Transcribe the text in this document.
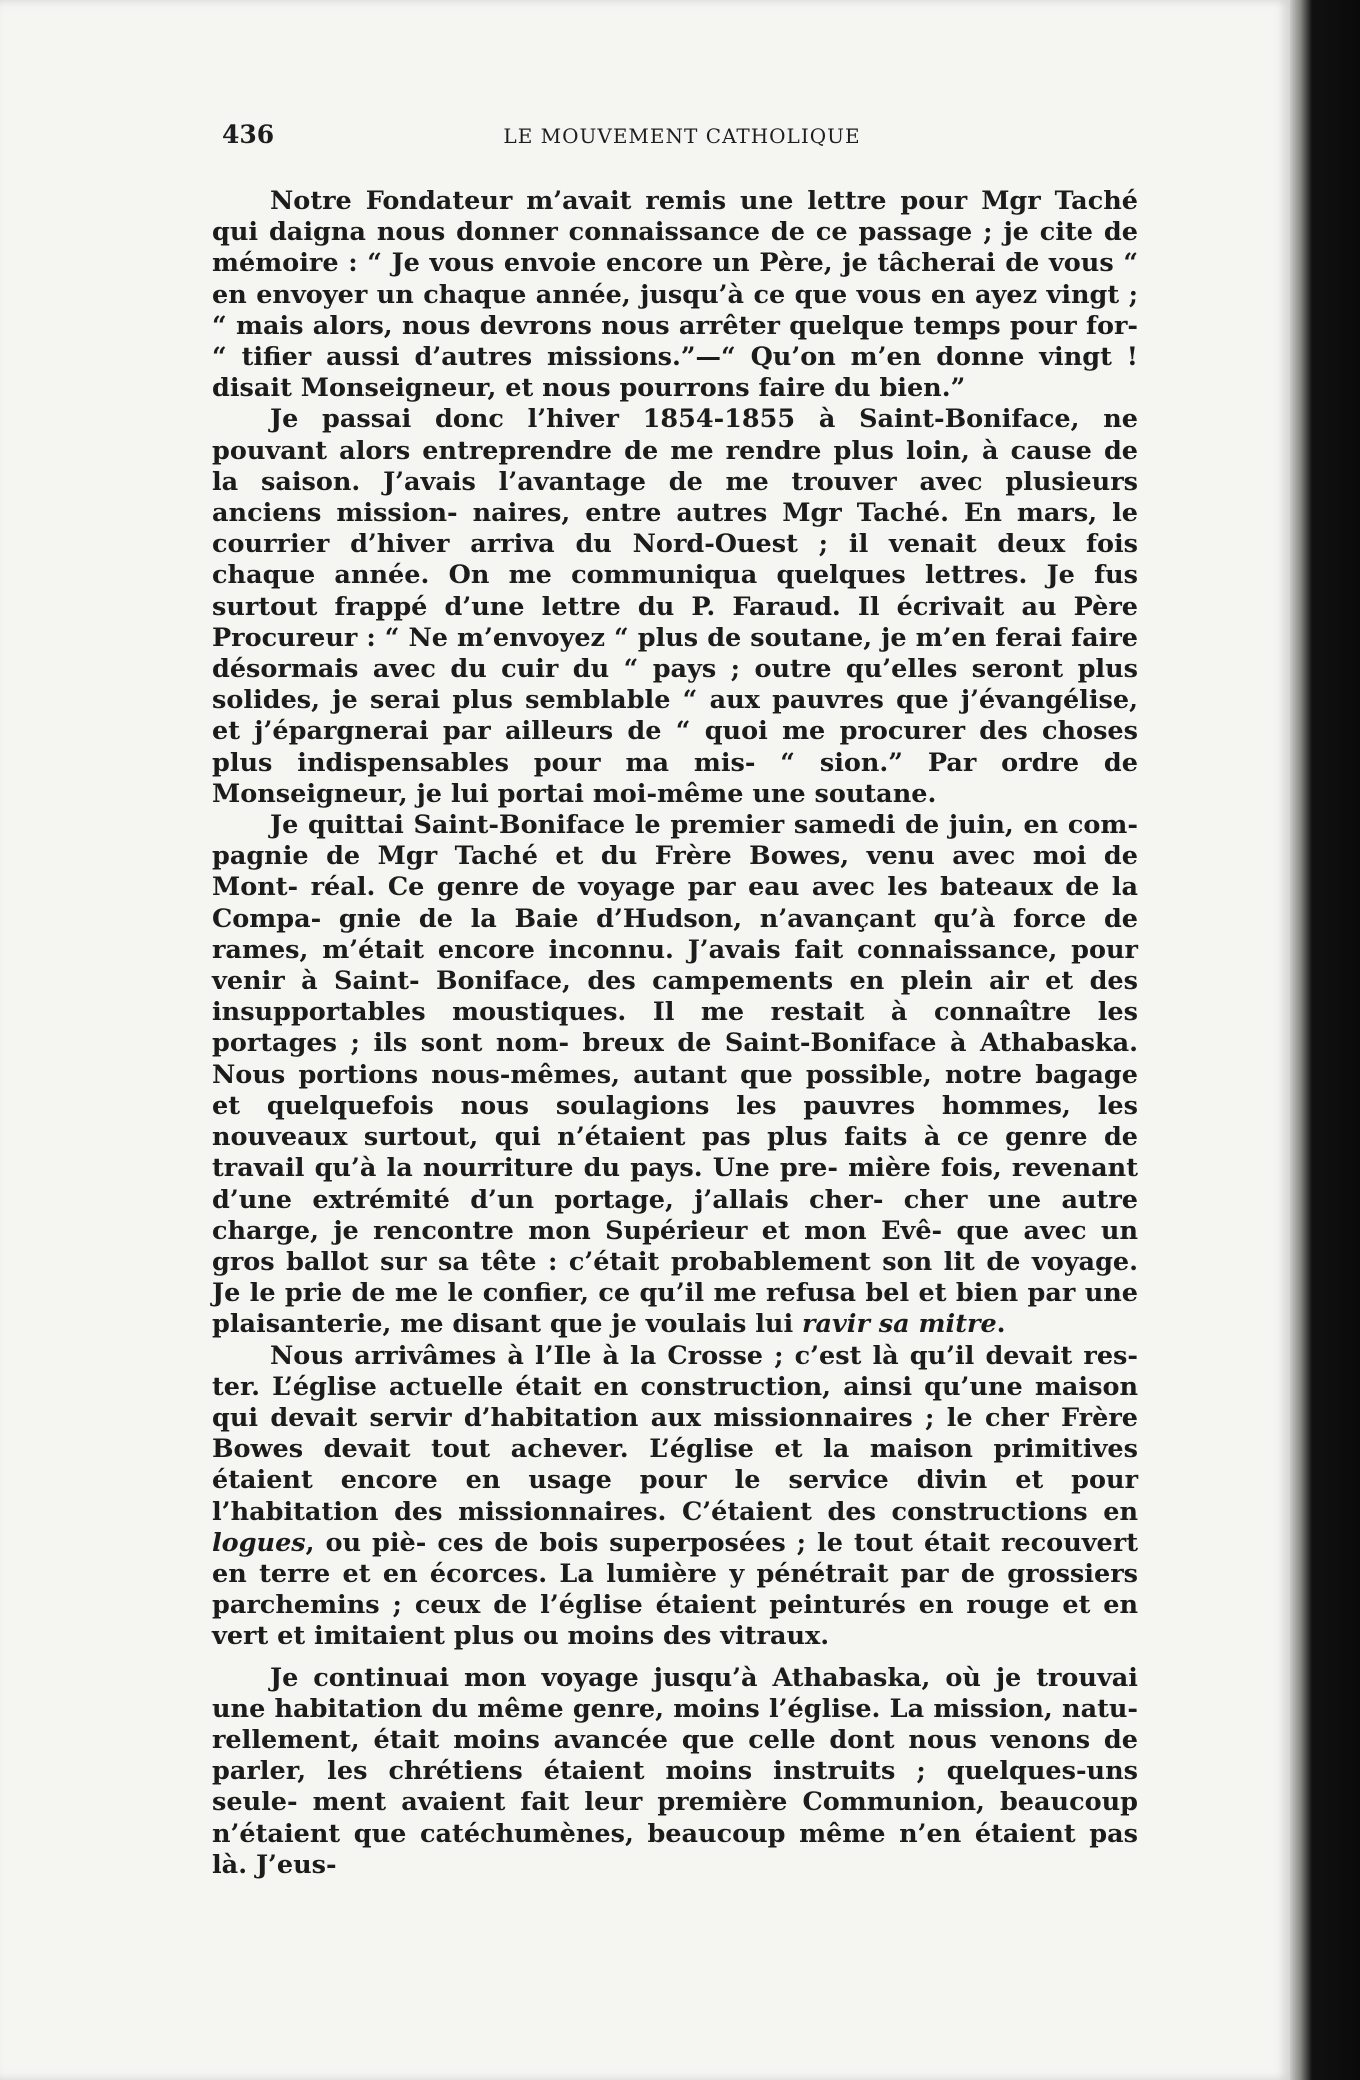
436	LE MOUVEMENT CATHOLIQUE

Notre Fondateur m’avait remis une lettre pour Mgr Taché qui daigna nous donner connaissance de ce passage ; je cite de mémoire : “ Je vous envoie encore un Père, je tâcherai de vous “ en envoyer un chaque année, jusqu’à ce que vous en ayez vingt ; “ mais alors, nous devrons nous arrêter quelque temps pour for- “ tifier aussi d’autres missions.”—“ Qu’on m’en donne vingt ! disait Monseigneur, et nous pourrons faire du bien.”

Je passai donc l’hiver 1854-1855 à Saint-Boniface, ne pouvant alors entreprendre de me rendre plus loin, à cause de la saison. J’avais l’avantage de me trouver avec plusieurs anciens mission- naires, entre autres Mgr Taché. En mars, le courrier d’hiver arriva du Nord-Ouest ; il venait deux fois chaque année. On me communiqua quelques lettres. Je fus surtout frappé d’une lettre du P. Faraud. Il écrivait au Père Procureur : “ Ne m’envoyez “ plus de soutane, je m’en ferai faire désormais avec du cuir du “ pays ; outre qu’elles seront plus solides, je serai plus semblable “ aux pauvres que j’évangélise, et j’épargnerai par ailleurs de “ quoi me procurer des choses plus indispensables pour ma mis- “ sion.” Par ordre de Monseigneur, je lui portai moi-même une soutane.

Je quittai Saint-Boniface le premier samedi de juin, en com- pagnie de Mgr Taché et du Frère Bowes, venu avec moi de Mont- réal. Ce genre de voyage par eau avec les bateaux de la Compa- gnie de la Baie d’Hudson, n’avançant qu’à force de rames, m’était encore inconnu. J’avais fait connaissance, pour venir à Saint- Boniface, des campements en plein air et des insupportables moustiques. Il me restait à connaître les portages ; ils sont nom- breux de Saint-Boniface à Athabaska. Nous portions nous-mêmes, autant que possible, notre bagage et quelquefois nous soulagions les pauvres hommes, les nouveaux surtout, qui n’étaient pas plus faits à ce genre de travail qu’à la nourriture du pays. Une pre- mière fois, revenant d’une extrémité d’un portage, j’allais cher- cher une autre charge, je rencontre mon Supérieur et mon Evê- que avec un gros ballot sur sa tête : c’était probablement son lit de voyage. Je le prie de me le confier, ce qu’il me refusa bel et bien par une plaisanterie, me disant que je voulais lui ravir sa mitre.

Nous arrivâmes à l’Ile à la Crosse ; c’est là qu’il devait res- ter. L’église actuelle était en construction, ainsi qu’une maison qui devait servir d’habitation aux missionnaires ; le cher Frère Bowes devait tout achever. L’église et la maison primitives étaient encore en usage pour le service divin et pour l’habitation des missionnaires. C’étaient des constructions en logues, ou piè- ces de bois superposées ; le tout était recouvert en terre et en écorces. La lumière y pénétrait par de grossiers parchemins ; ceux de l’église étaient peinturés en rouge et en vert et imitaient plus ou moins des vitraux.

Je continuai mon voyage jusqu’à Athabaska, où je trouvai une habitation du même genre, moins l’église. La mission, natu- rellement, était moins avancée que celle dont nous venons de parler, les chrétiens étaient moins instruits ; quelques-uns seule- ment avaient fait leur première Communion, beaucoup n’étaient que catéchumènes, beaucoup même n’en étaient pas là. J’eus-
